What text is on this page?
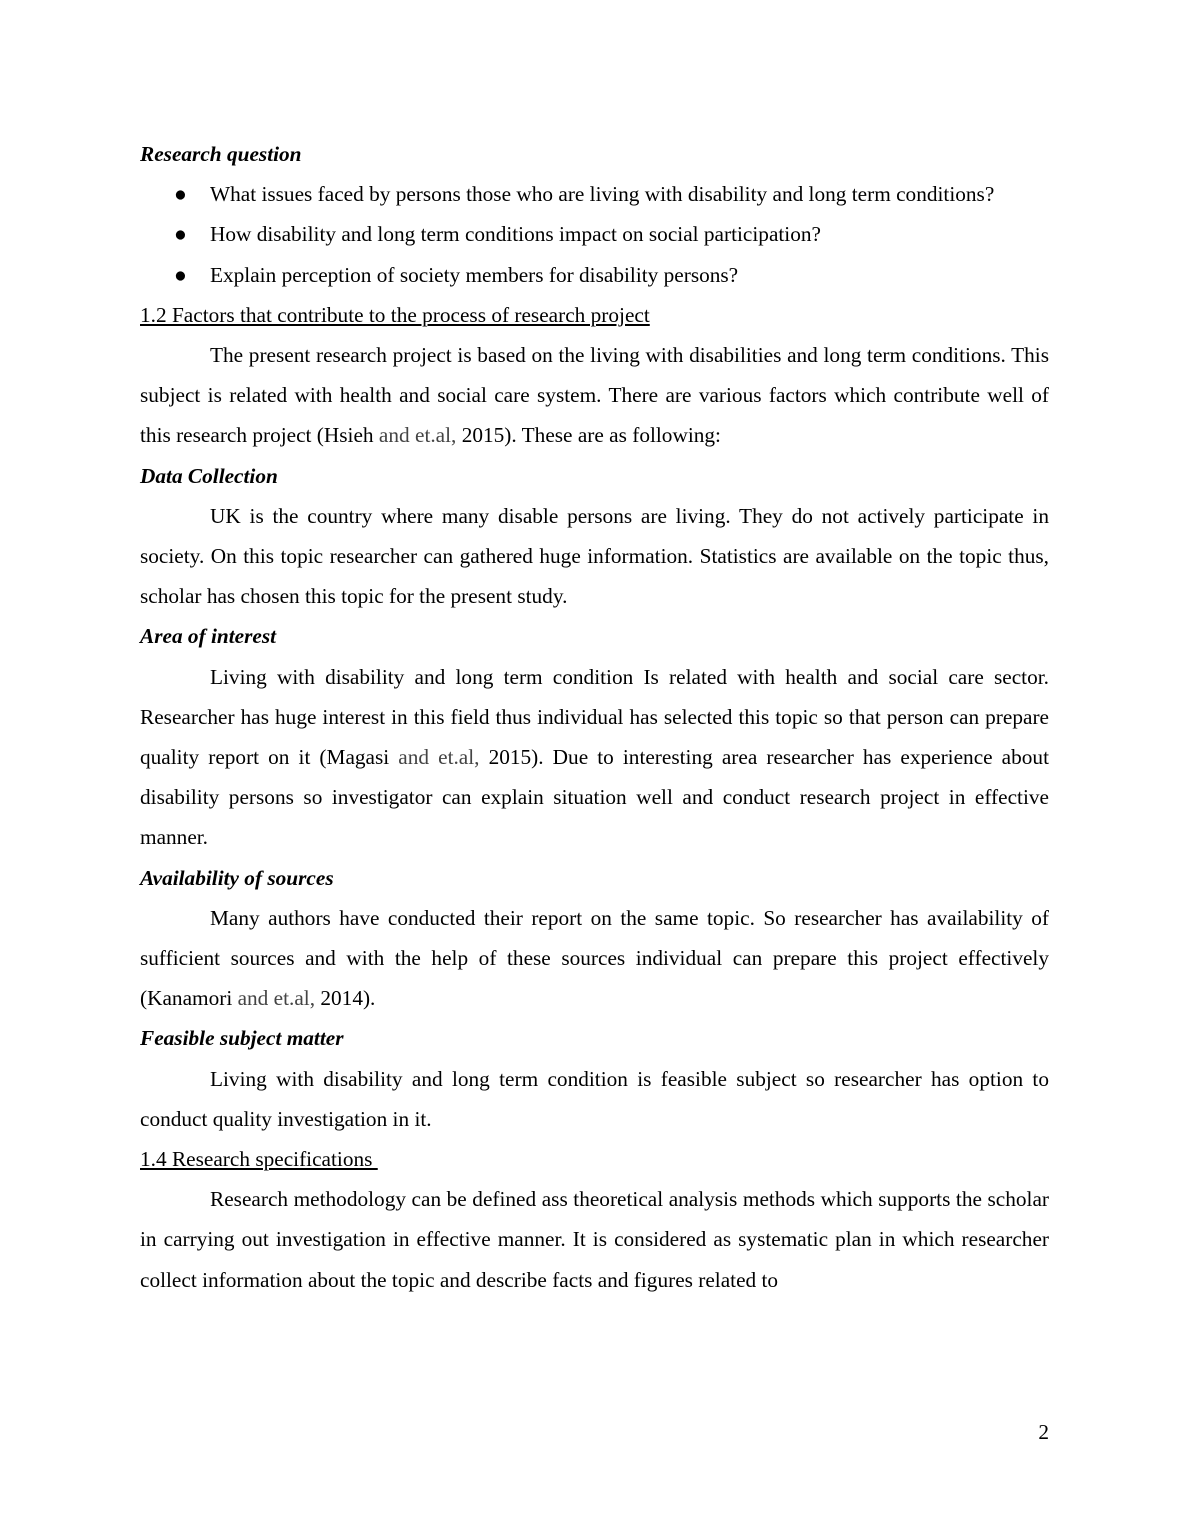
Research question
● What issues faced by persons those who are living with disability and long term conditions?
● How disability and long term conditions impact on social participation?
● Explain perception of society members for disability persons?
1.2 Factors that contribute to the process of research project
The present research project is based on the living with disabilities and long term conditions. This subject is related with health and social care system. There are various factors which contribute well of this research project (Hsieh and et.al, 2015). These are as following:
Data Collection
UK is the country where many disable persons are living. They do not actively participate in society. On this topic researcher can gathered huge information. Statistics are available on the topic thus, scholar has chosen this topic for the present study.
Area of interest
Living with disability and long term condition Is related with health and social care sector. Researcher has huge interest in this field thus individual has selected this topic so that person can prepare quality report on it (Magasi and et.al, 2015). Due to interesting area researcher has experience about disability persons so investigator can explain situation well and conduct research project in effective manner.
Availability of sources
Many authors have conducted their report on the same topic. So researcher has availability of sufficient sources and with the help of these sources individual can prepare this project effectively (Kanamori and et.al, 2014).
Feasible subject matter
Living with disability and long term condition is feasible subject so researcher has option to conduct quality investigation in it.
1.4 Research specifications
Research methodology can be defined ass theoretical analysis methods which supports the scholar in carrying out investigation in effective manner. It is considered as systematic plan in which researcher collect information about the topic and describe facts and figures related to
2
